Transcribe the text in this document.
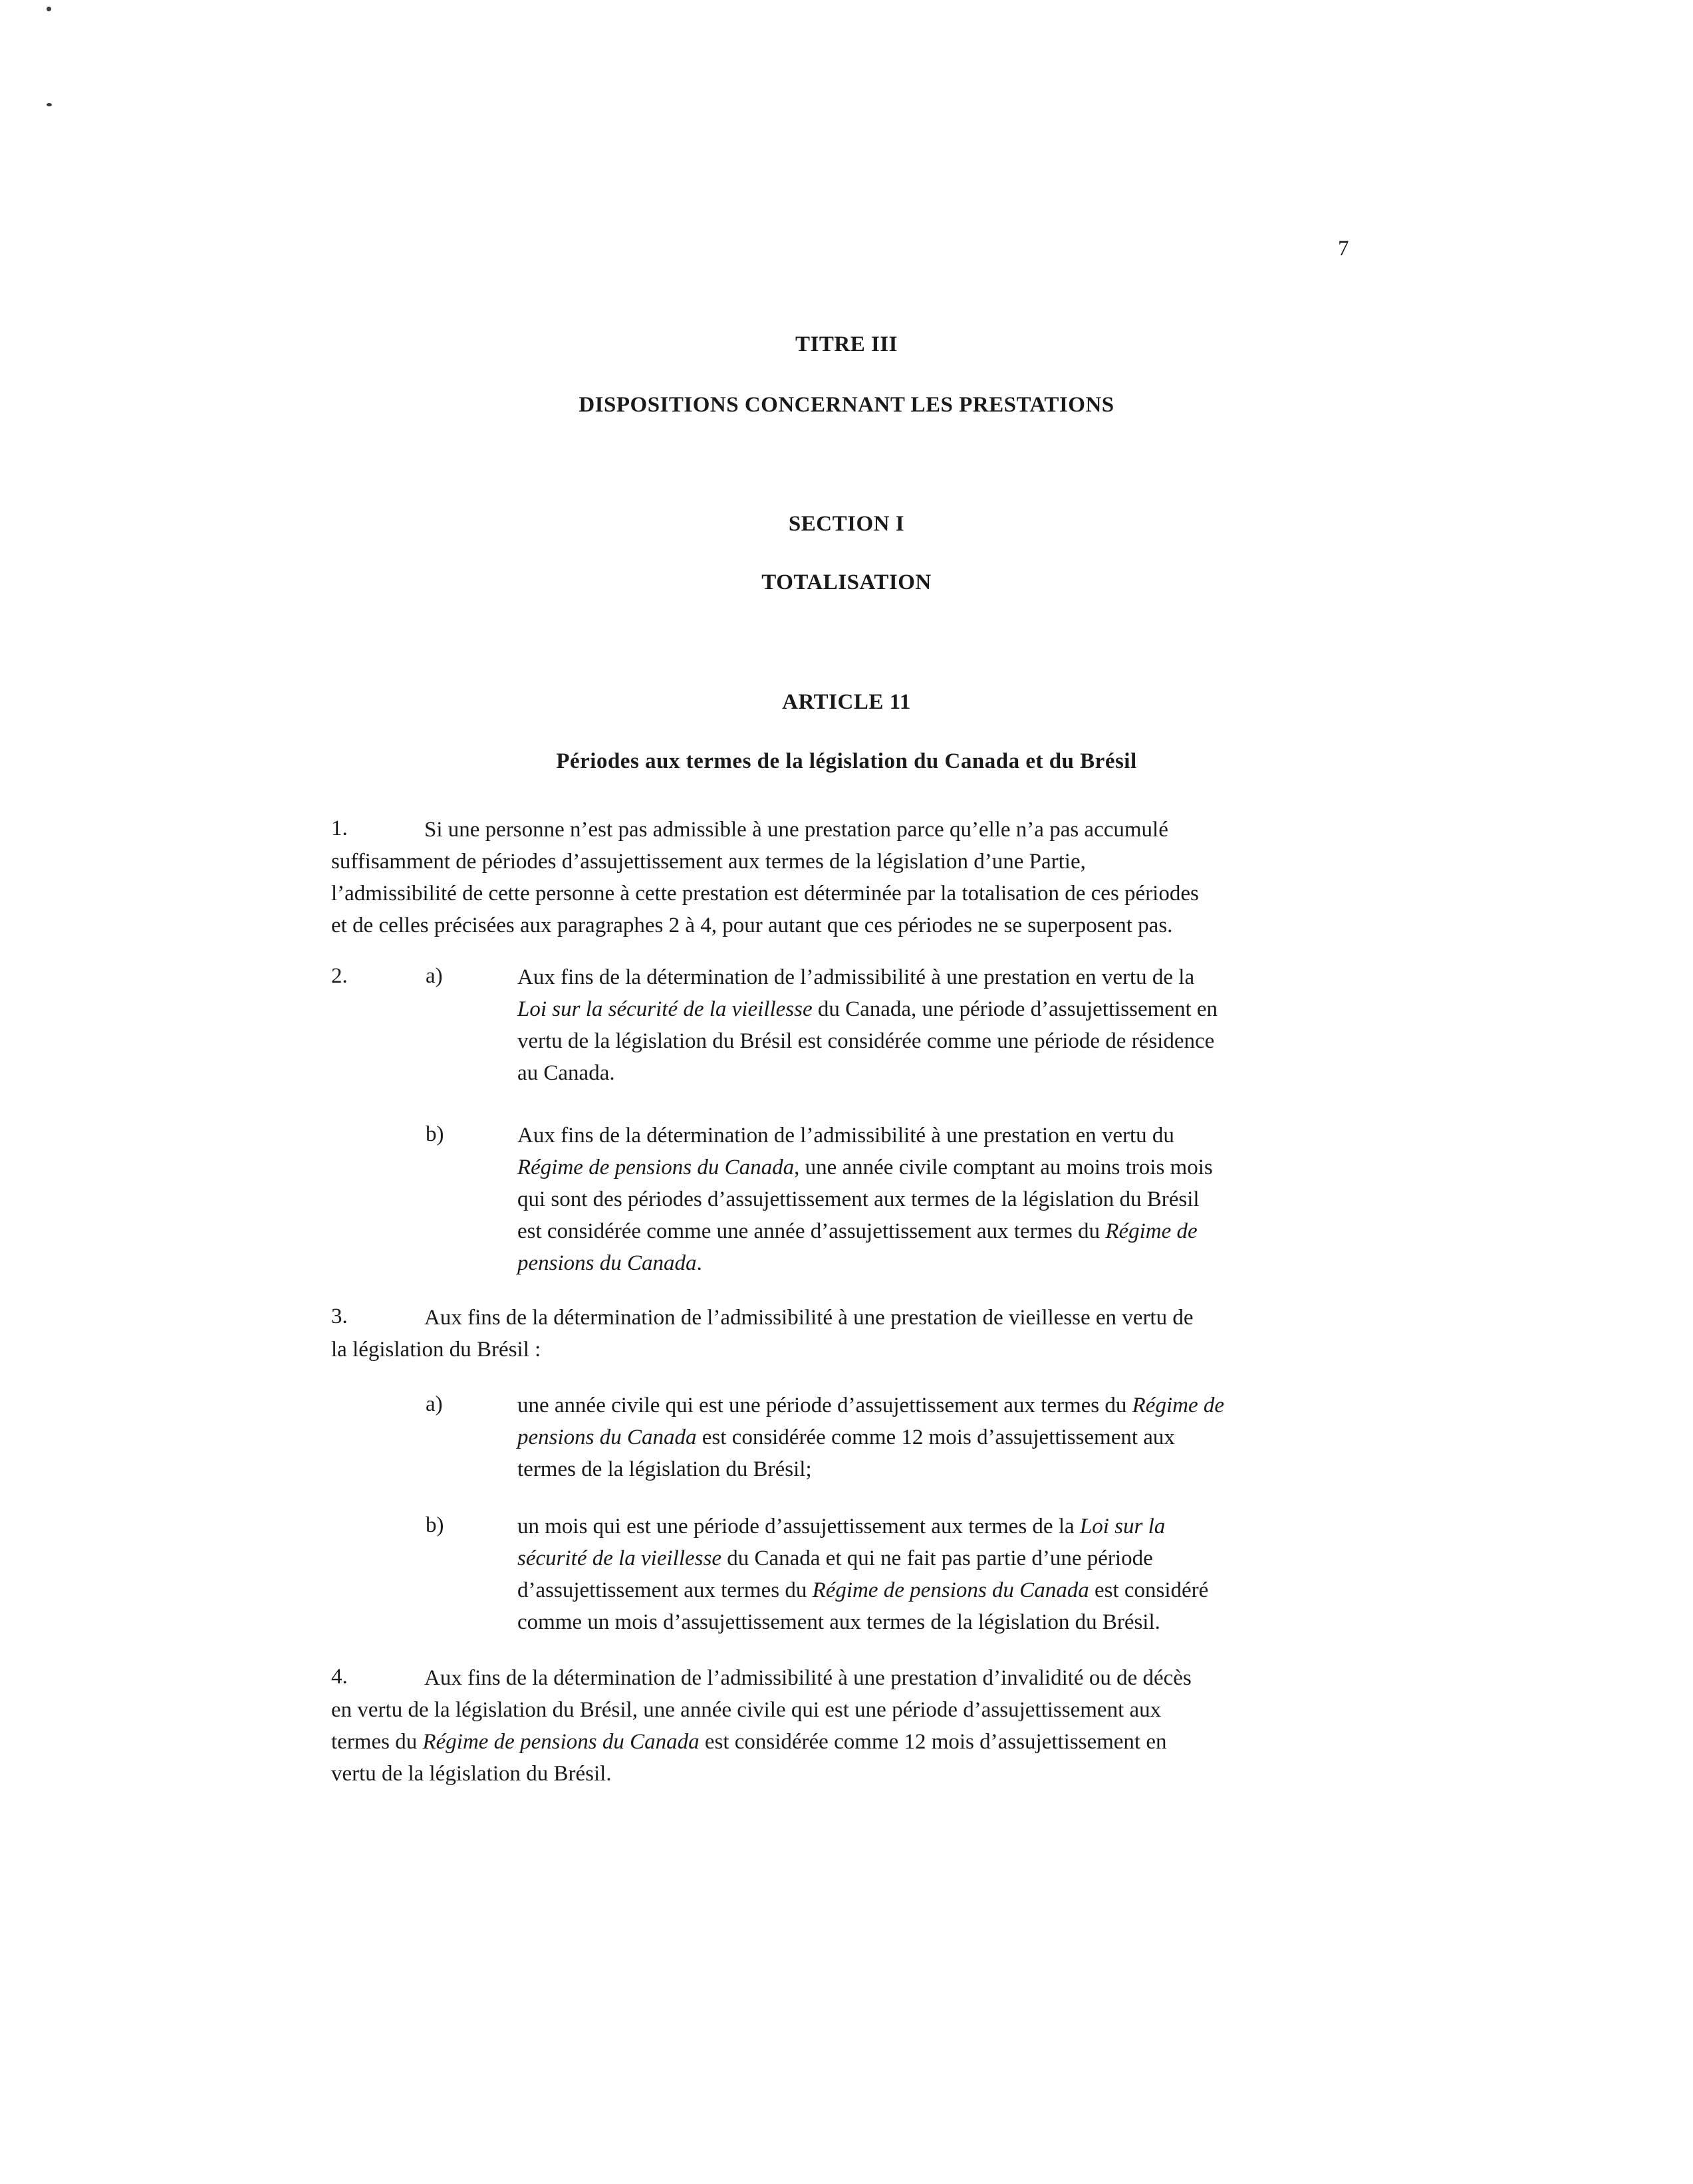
7
TITRE III
DISPOSITIONS CONCERNANT LES PRESTATIONS
SECTION I
TOTALISATION
ARTICLE 11
Périodes aux termes de la législation du Canada et du Brésil
1.	Si une personne n’est pas admissible à une prestation parce qu’elle n’a pas accumulé

suffisamment de périodes d’assujettissement aux termes de la législation d’une Partie,

l’admissibilité de cette personne à cette prestation est déterminée par la totalisation de ces périodes

et de celles précisées aux paragraphes 2 à 4, pour autant que ces périodes ne se superposent pas.

2.	a)	Aux fins de la détermination de l’admissibilité à une prestation en vertu de la

Loi sur la sécurité de la vieillesse du Canada, une période d’assujettissement en

vertu de la législation du Brésil est considérée comme une période de résidence

au Canada.

b)	Aux fins de la détermination de l’admissibilité à une prestation en vertu du

Régime de pensions du Canada, une année civile comptant au moins trois mois

qui sont des périodes d’assujettissement aux termes de la législation du Brésil

est considérée comme une année d’assujettissement aux termes du Régime de

pensions du Canada.

3.	Aux fins de la détermination de l’admissibilité à une prestation de vieillesse en vertu de

la législation du Brésil :

a)	une année civile qui est une période d’assujettissement aux termes du Régime de

pensions du Canada est considérée comme 12 mois d’assujettissement aux

termes de la législation du Brésil;

b)	un mois qui est une période d’assujettissement aux termes de la Loi sur la

sécurité de la vieillesse du Canada et qui ne fait pas partie d’une période

d’assujettissement aux termes du Régime de pensions du Canada est considéré

comme un mois d’assujettissement aux termes de la législation du Brésil.

4.	Aux fins de la détermination de l’admissibilité à une prestation d’invalidité ou de décès

en vertu de la législation du Brésil, une année civile qui est une période d’assujettissement aux

termes du Régime de pensions du Canada est considérée comme 12 mois d’assujettissement en

vertu de la législation du Brésil.
